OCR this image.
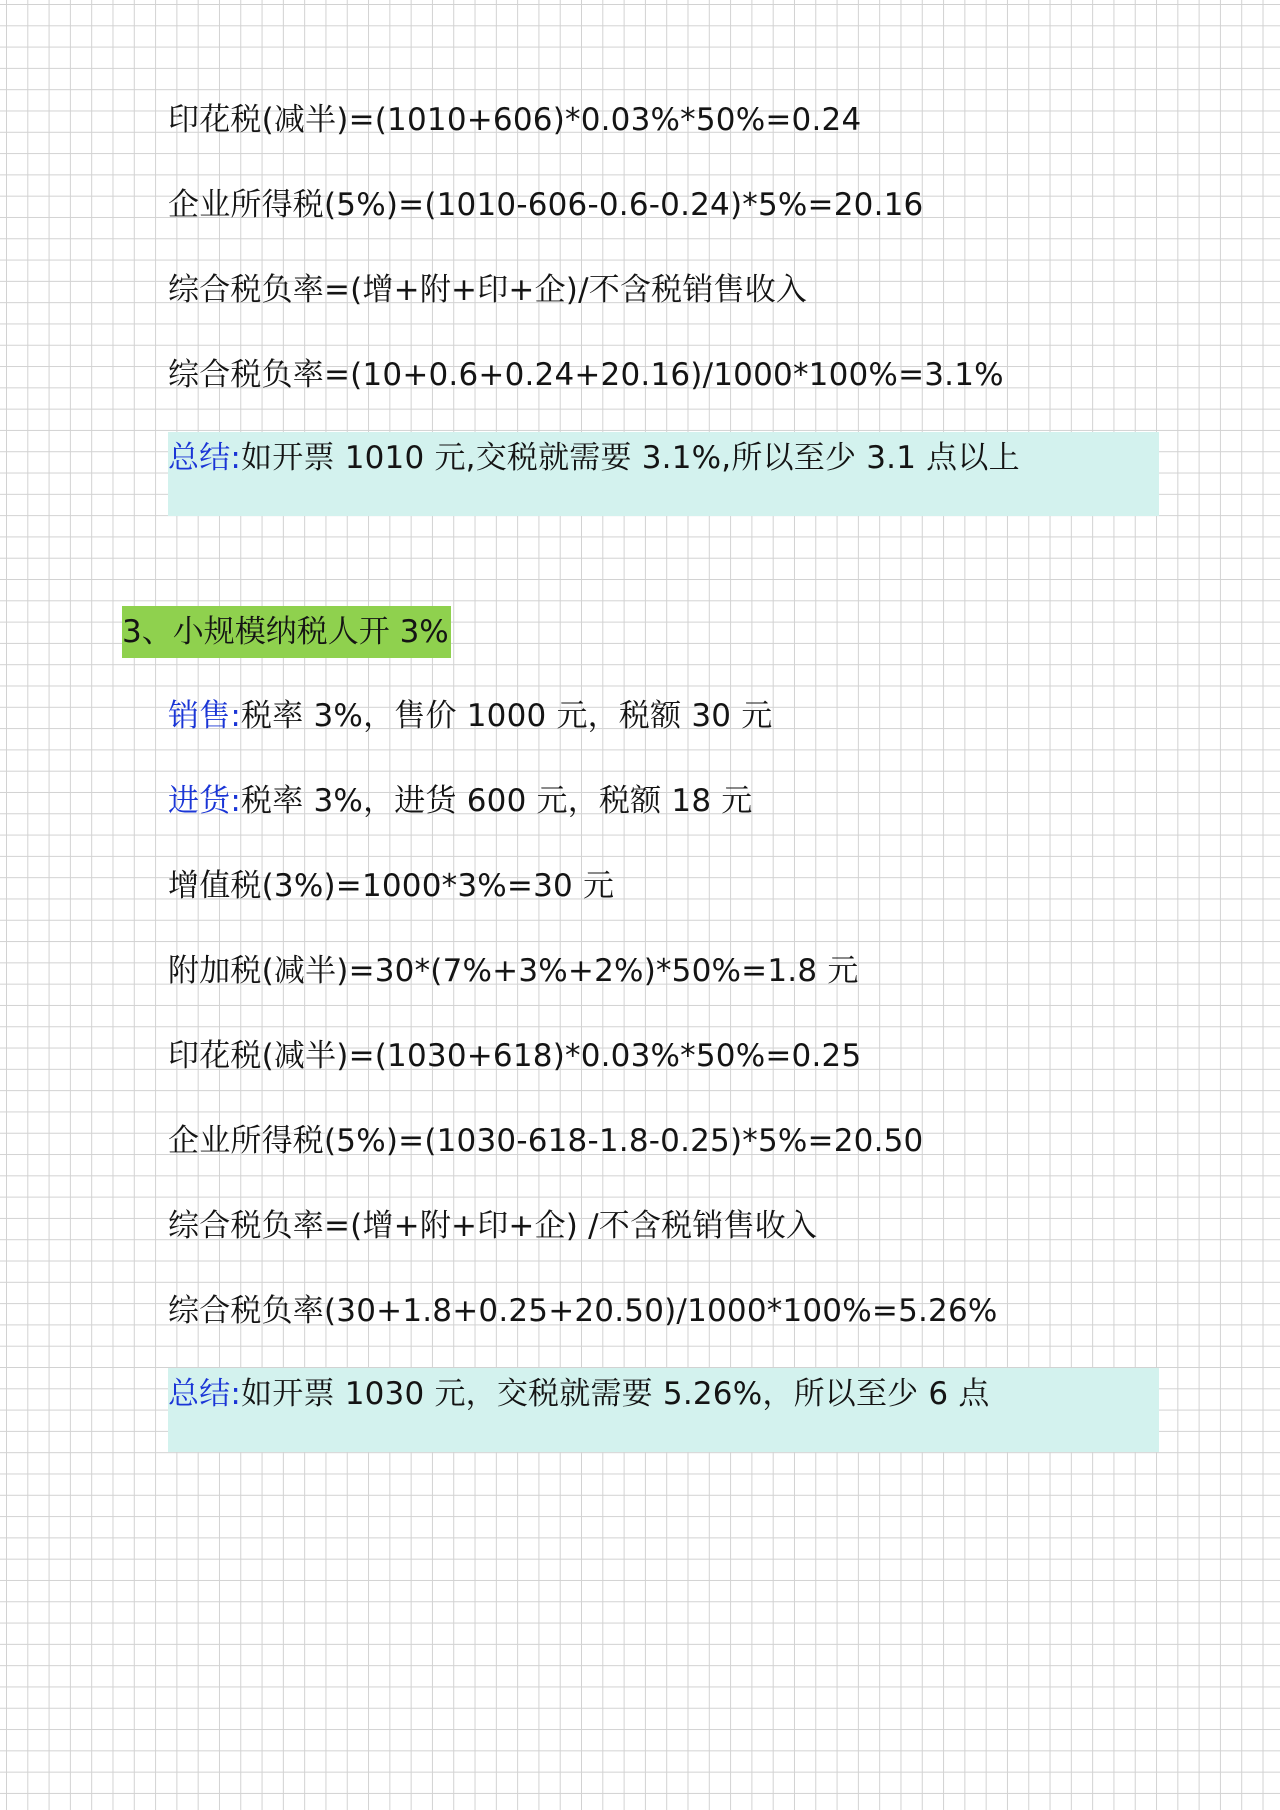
印花税(减半)=(1010+606)*0.03%*50%=0.24
企业所得税(5%)=(1010-606-0.6-0.24)*5%=20.16
综合税负率=(增+附+印+企)/不含税销售收入
综合税负率=(10+0.6+0.24+20.16)/1000*100%=3.1%
总结:如开票 1010 元,交税就需要 3.1%,所以至少 3.1 点以上
3、小规模纳税人开 3%
销售:税率 3%，售价 1000 元，税额 30 元
进货:税率 3%，进货 600 元，税额 18 元
增值税(3%)=1000*3%=30 元
附加税(减半)=30*(7%+3%+2%)*50%=1.8 元
印花税(减半)=(1030+618)*0.03%*50%=0.25
企业所得税(5%)=(1030-618-1.8-0.25)*5%=20.50
综合税负率=(增+附+印+企) /不含税销售收入
综合税负率(30+1.8+0.25+20.50)/1000*100%=5.26%
总结:如开票 1030 元，交税就需要 5.26%，所以至少 6 点
